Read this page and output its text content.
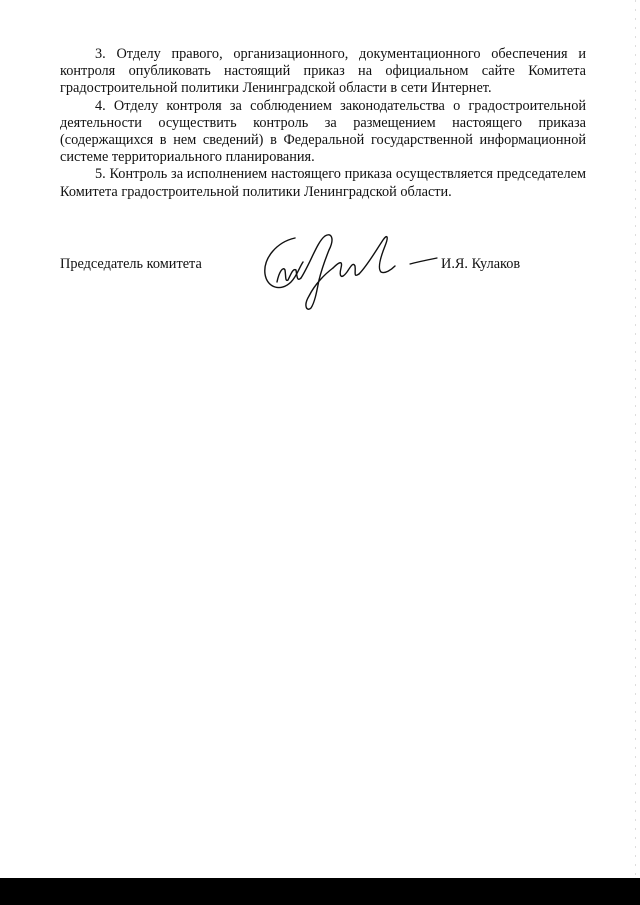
3. Отделу правого, организационного, документационного обеспечения и контроля опубликовать настоящий приказ на официальном сайте Комитета градостроительной политики Ленинградской области в сети Интернет.

4. Отделу контроля за соблюдением законодательства о градостроительной деятельности осуществить контроль за размещением настоящего приказа (содержащихся в нем сведений) в Федеральной государственной информационной системе территориального планирования.

5. Контроль за исполнением настоящего приказа осуществляется председателем Комитета градостроительной политики Ленинградской области.

Председатель комитета	И.Я. Кулаков
